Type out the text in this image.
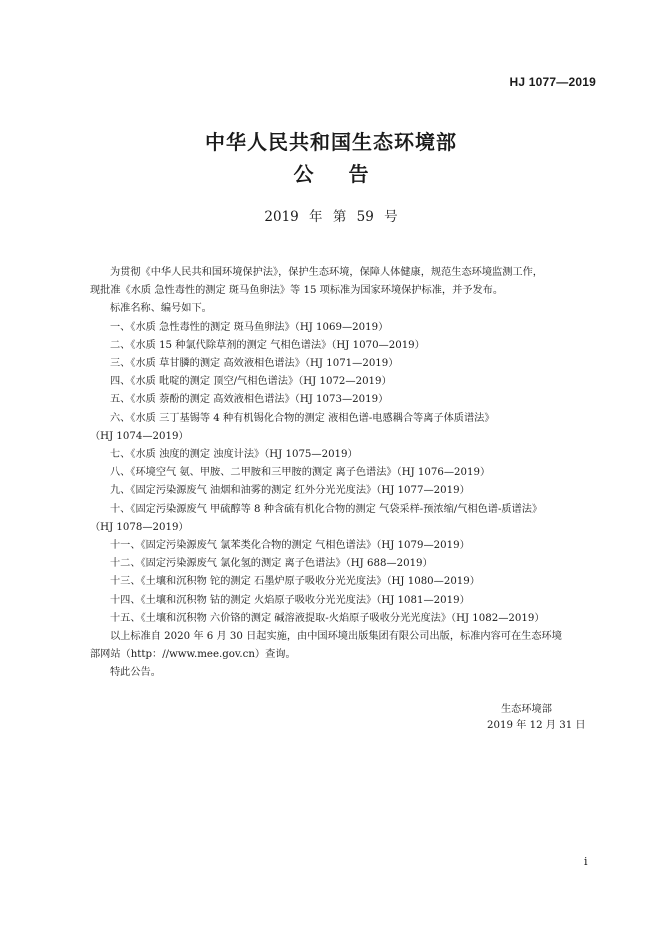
HJ 1077—2019
中华人民共和国生态环境部
公 告
2019 年 第 59 号

为贯彻《中华人民共和国环境保护法》，保护生态环境，保障人体健康，规范生态环境监测工作，

现批准《水质 急性毒性的测定 斑马鱼卵法》等 15 项标准为国家环境保护标准，并予发布。

标准名称、编号如下。

一、《水质 急性毒性的测定 斑马鱼卵法》（HJ 1069—2019）

二、《水质 15 种氯代除草剂的测定 气相色谱法》（HJ 1070—2019）

三、《水质 草甘膦的测定 高效液相色谱法》（HJ 1071—2019）

四、《水质 吡啶的测定 顶空/气相色谱法》（HJ 1072—2019）

五、《水质 萘酚的测定 高效液相色谱法》（HJ 1073—2019）

六、《水质 三丁基锡等 4 种有机锡化合物的测定 液相色谱-电感耦合等离子体质谱法》
（HJ 1074—2019）

七、《水质 浊度的测定 浊度计法》（HJ 1075—2019）

八、《环境空气 氨、甲胺、二甲胺和三甲胺的测定 离子色谱法》（HJ 1076—2019）

九、《固定污染源废气 油烟和油雾的测定 红外分光光度法》（HJ 1077—2019）

十、《固定污染源废气 甲硫醇等 8 种含硫有机化合物的测定 气袋采样-预浓缩/气相色谱-质谱法》
（HJ 1078—2019）

十一、《固定污染源废气 氯苯类化合物的测定 气相色谱法》（HJ 1079—2019）

十二、《固定污染源废气 氯化氢的测定 离子色谱法》（HJ 688—2019）

十三、《土壤和沉积物 铊的测定 石墨炉原子吸收分光光度法》（HJ 1080—2019）

十四、《土壤和沉积物 钴的测定 火焰原子吸收分光光度法》（HJ 1081—2019）

十五、《土壤和沉积物 六价铬的测定 碱溶液提取-火焰原子吸收分光光度法》（HJ 1082—2019）

以上标准自 2020 年 6 月 30 日起实施，由中国环境出版集团有限公司出版，标准内容可在生态环境

部网站（http：//www.mee.gov.cn）查询。

特此公告。

生态环境部
2019 年 12 月 31 日
i
